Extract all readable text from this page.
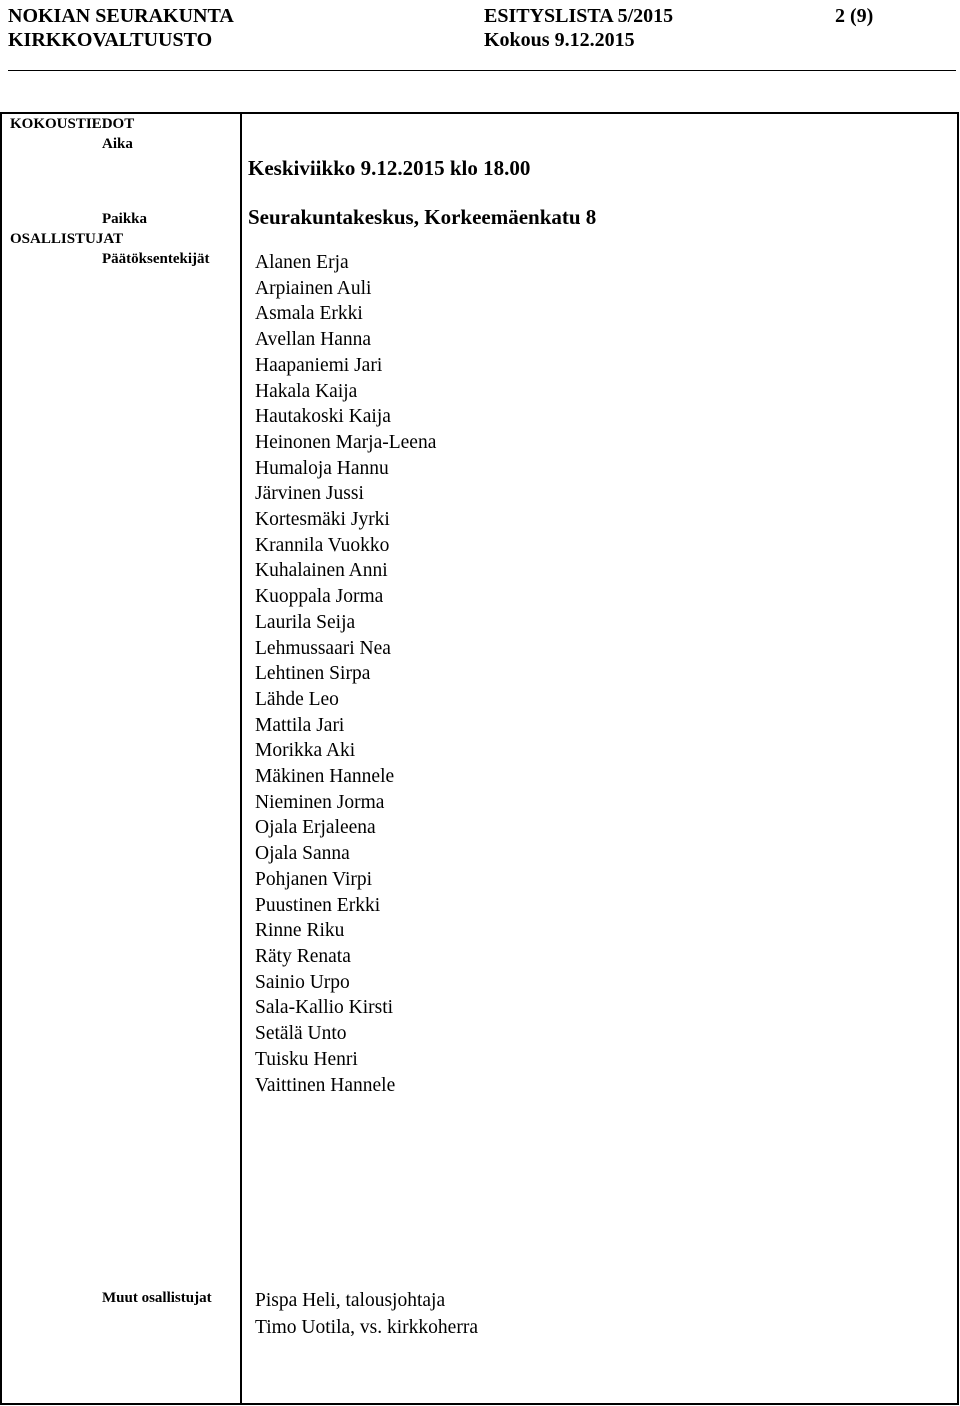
NOKIAN SEURAKUNTA
KIRKKOVALTUUSTO
ESITYSLISTA 5/2015
Kokous 9.12.2015
2 (9)
KOKOUSTIEDOT
Aika
Keskiviikko 9.12.2015 klo 18.00
Paikka	Seurakuntakeskus, Korkeemäenkatu 8
OSALLISTUJAT
Päätöksentekijät
Muut osallistujat
Alanen Erja
Arpiainen Auli
Asmala Erkki
Avellan Hanna
Haapaniemi Jari
Hakala Kaija
Hautakoski Kaija
Heinonen Marja-Leena
Humaloja Hannu
Järvinen Jussi
Kortesmäki Jyrki
Krannila Vuokko
Kuhalainen Anni
Kuoppala Jorma
Laurila Seija
Lehmussaari Nea
Lehtinen Sirpa
Lähde Leo
Mattila Jari
Morikka Aki
Mäkinen Hannele
Nieminen Jorma
Ojala Erjaleena
Ojala Sanna
Pohjanen Virpi
Puustinen Erkki
Rinne Riku
Räty Renata
Sainio Urpo
Sala-Kallio Kirsti
Setälä Unto
Tuisku Henri
Vaittinen Hannele
Pispa Heli, talousjohtaja
Timo Uotila, vs. kirkkoherra
